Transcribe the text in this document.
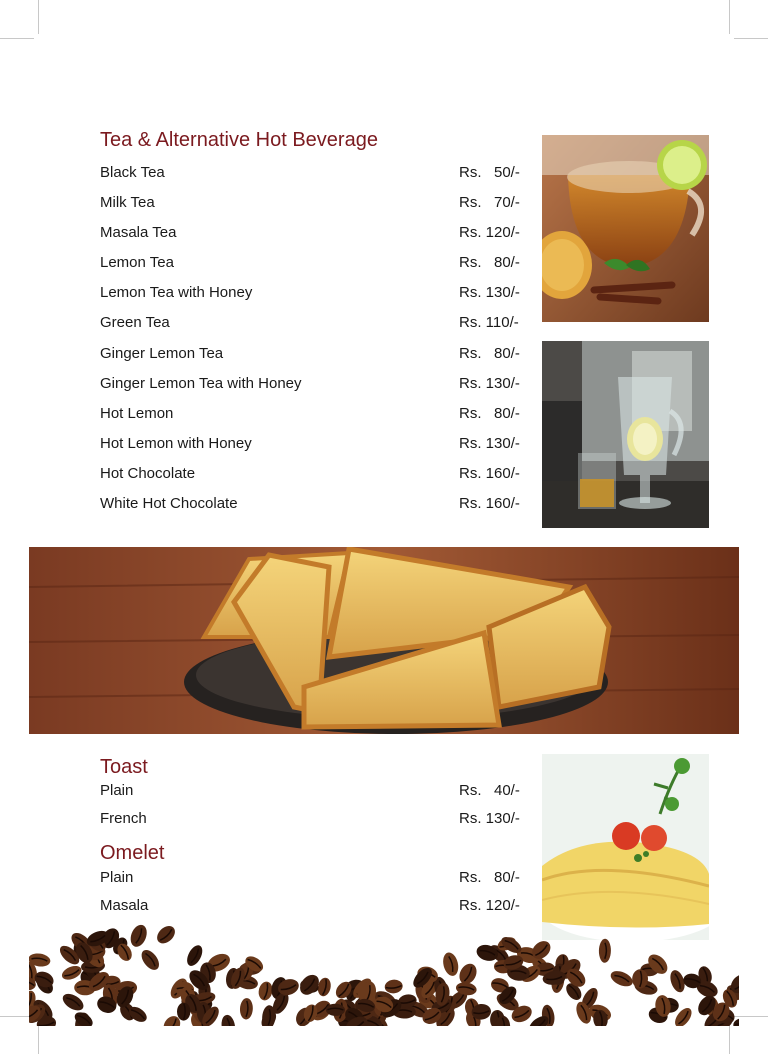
Tea & Alternative Hot Beverage
Black Tea	Rs.   50/-
Milk Tea	Rs.   70/-
Masala Tea	Rs. 120/-
Lemon Tea	Rs.   80/-
Lemon Tea with Honey	Rs. 130/-
Green Tea	Rs. 110/-
Ginger Lemon Tea	Rs.   80/-
Ginger Lemon Tea with Honey	Rs. 130/-
Hot Lemon	Rs.   80/-
Hot Lemon with Honey	Rs. 130/-
Hot Chocolate	Rs. 160/-
White Hot Chocolate	Rs. 160/-
Toast
Plain	Rs.   40/-
French	Rs. 130/-
Omelet
Plain	Rs.   80/-
Masala	Rs. 120/-
